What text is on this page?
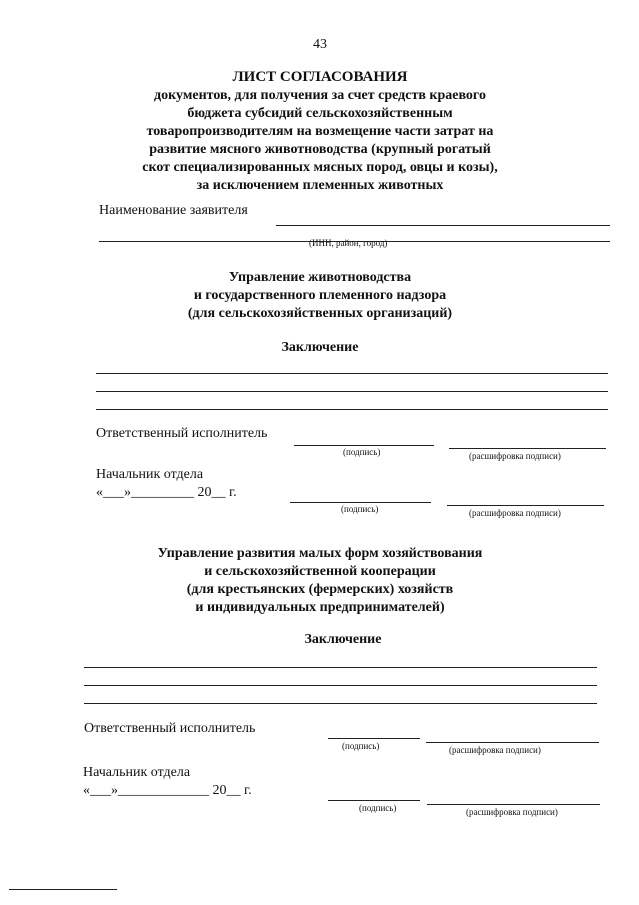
43
ЛИСТ СОГЛАСОВАНИЯ
документов, для получения за счет средств краевого
бюджета субсидий сельскохозяйственным
товаропроизводителям на возмещение части затрат на
развитие мясного животноводства (крупный рогатый
скот специализированных мясных пород, овцы и козы),
за исключением племенных животных
Наименование заявителя
(ИНН, район, город)
Управление животноводства
и государственного племенного надзора
(для сельскохозяйственных организаций)
Заключение
Ответственный исполнитель
(подпись)	(расшифровка подписи)
Начальник отдела
«___»_________ 20__ г.
(подпись)	(расшифровка подписи)
Управление развития малых форм хозяйствования
и сельскохозяйственной кооперации
(для крестьянских (фермерских) хозяйств
и индивидуальных предпринимателей)
Заключение
Ответственный исполнитель
(подпись)	(расшифровка подписи)
Начальник отдела
«___»_____________ 20__ г.
(подпись)	(расшифровка подписи)
